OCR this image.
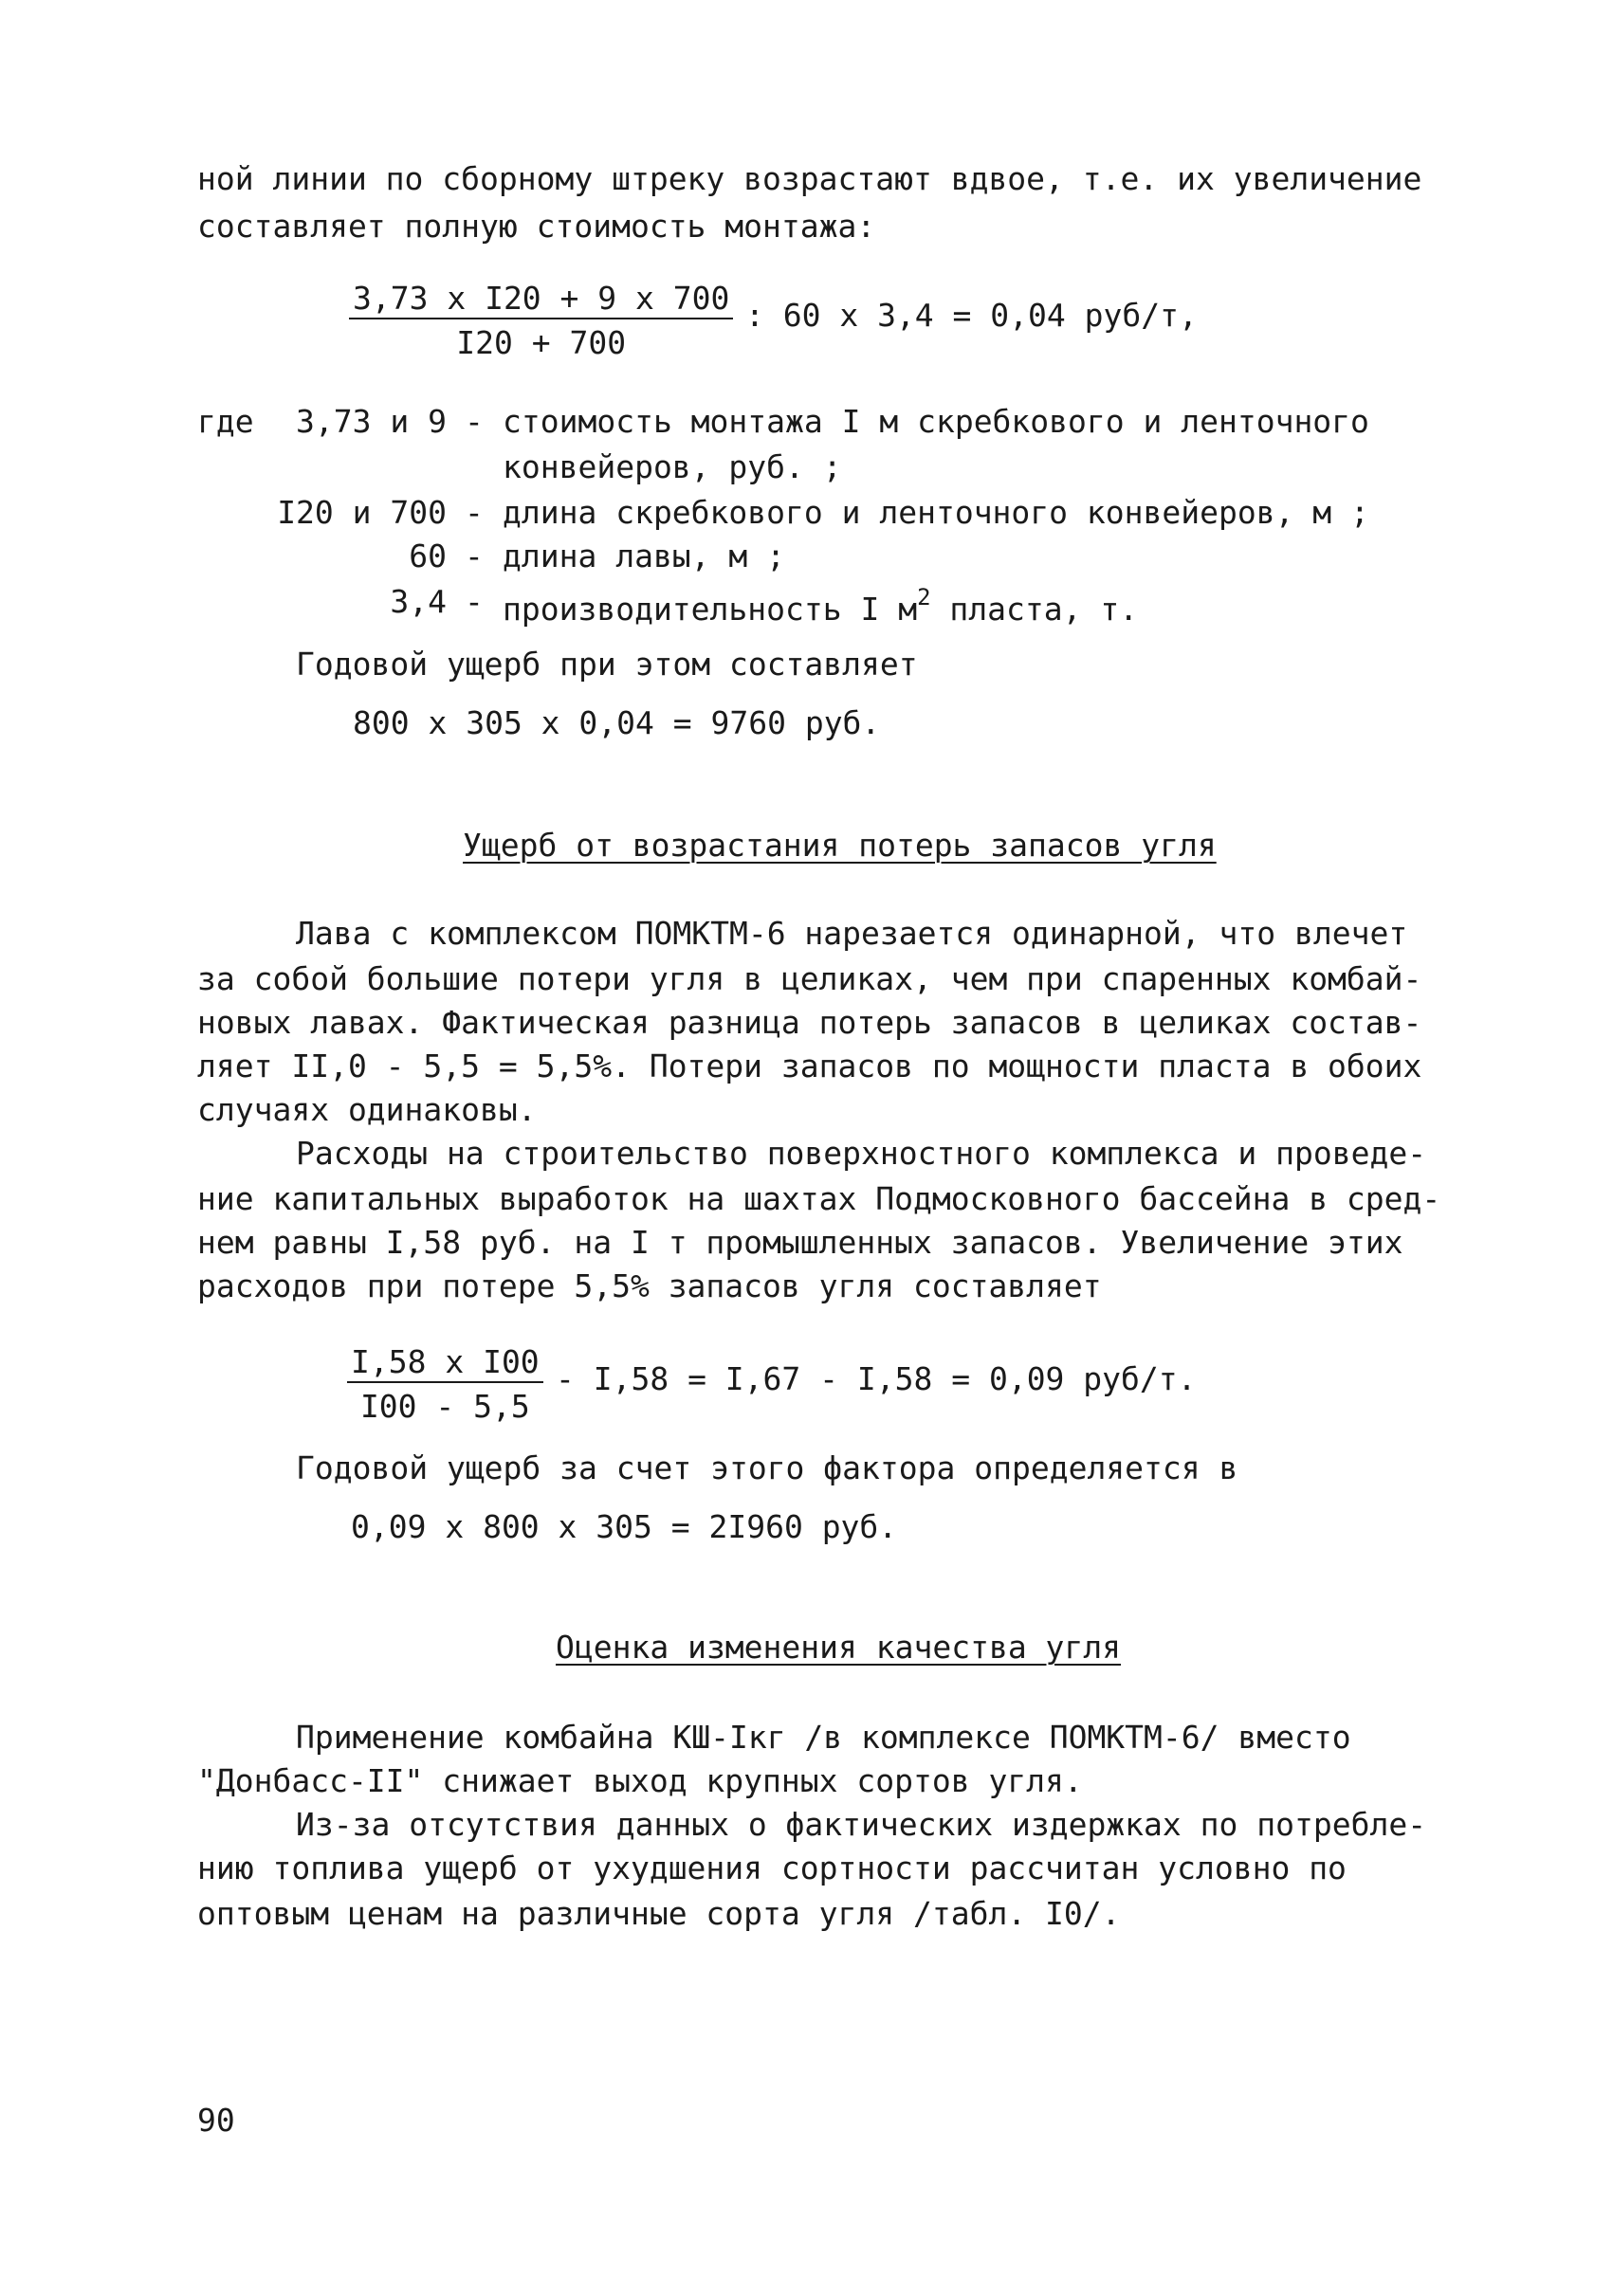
ной линии по сборному штреку возрастают вдвое, т.е. их увеличение
составляет полную стоимость монтажа:
3,73 х I20 + 9 х 700
I20 + 700
: 60 х 3,4 = 0,04 руб/т,
где 3,73 и 9 - стоимость монтажа I м скребкового и ленточного
конвейеров, руб. ;
I20 и 700 - длина скребкового и ленточного конвейеров, м ;
60 - длина лавы, м ;
3,4 - производительность I $м^2$ пласта, т.
Годовой ущерб при этом составляет
800 х 305 х 0,04 = 9760 руб.
Ущерб от возрастания потерь запасов угля
Лава с комплексом ПОМКТМ-6 нарезается одинарной, что влечет
за собой большие потери угля в целиках, чем при спаренных комбай-
новых лавах. Фактическая разница потерь запасов в целиках состав-
ляет II,0 - 5,5 = 5,5%. Потери запасов по мощности пласта в обоих
случаях одинаковы.
Расходы на строительство поверхностного комплекса и проведе-
ние капитальных выработок на шахтах Подмосковного бассейна в сред-
нем равны I,58 руб. на I т промышленных запасов. Увеличение этих
расходов при потере 5,5% запасов угля составляет
I,58 х I00
I00 - 5,5
- I,58 = I,67 - I,58 = 0,09 руб/т.
Годовой ущерб за счет этого фактора определяется в
0,09 х 800 х 305 = 2I960 руб.
Оценка изменения качества угля
Применение комбайна КШ-Iкг /в комплексе ПОМКТМ-6/ вместо
"Донбасс-II" снижает выход крупных сортов угля.
Из-за отсутствия данных о фактических издержках по потребле-
нию топлива ущерб от ухудшения сортности рассчитан условно по
оптовым ценам на различные сорта угля /табл. I0/.
90
